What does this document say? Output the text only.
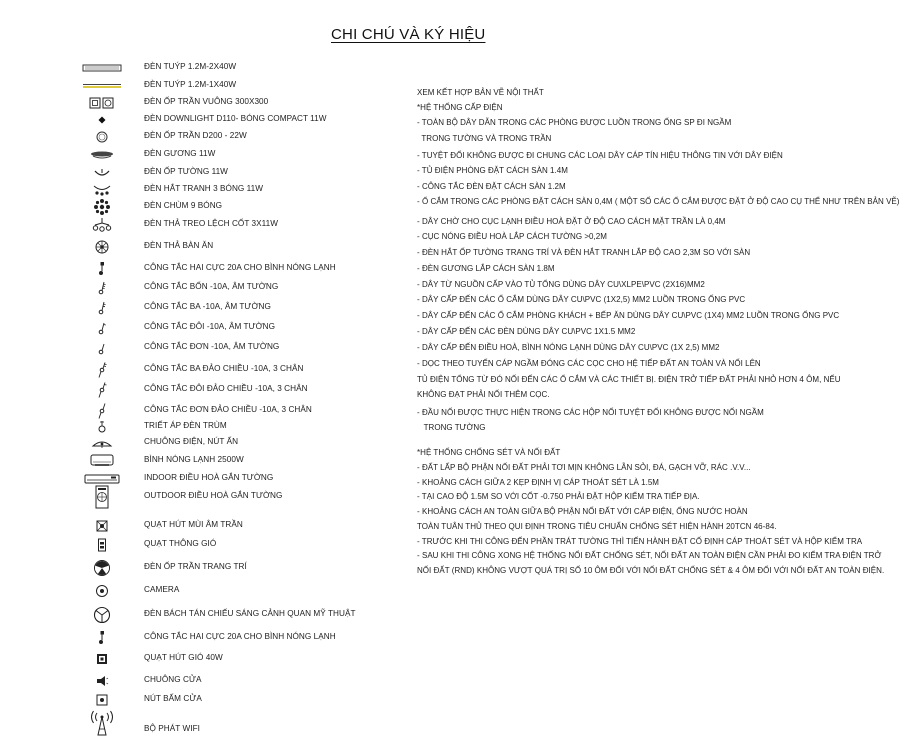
CHI CHÚ VÀ KÝ HIỆU
ĐÈN TUÝP 1.2M-2X40W
ĐÈN TUÝP 1.2M-1X40W
ĐÈN ỐP TRẦN VUÔNG 300X300
ĐÈN DOWNLIGHT D110- BÓNG COMPACT 11W
ĐÈN ỐP TRẦN D200 - 22W
ĐÈN GƯƠNG 11W
ĐÈN ỐP TƯỜNG 11W
ĐÈN HẮT TRANH 3 BÓNG 11W
ĐÈN CHÙM 9 BÓNG
ĐÈN THẢ TREO LỆCH CỐT 3X11W
ĐÈN THẢ BÀN ĂN
CÔNG TẮC HAI CỰC 20A CHO BÌNH NÓNG LẠNH
CÔNG TẮC BỐN -10A, ÂM TƯỜNG
CÔNG TẮC BA -10A, ÂM TƯỜNG
CÔNG TẮC ĐÔI -10A, ÂM TƯỜNG
CÔNG TẮC ĐƠN -10A, ÂM TƯỜNG
CÔNG TẮC BA ĐẢO CHIỀU -10A, 3 CHÂN
CÔNG TẮC ĐÔI ĐẢO CHIỀU -10A, 3 CHÂN
CÔNG TẮC ĐƠN ĐẢO CHIỀU -10A, 3 CHÂN
TRIẾT ÁP ĐÈN TRÙM
CHUÔNG ĐIỆN, NÚT ẤN
BÌNH NÓNG LẠNH 2500W
INDOOR ĐIỀU HOÀ GẮN TƯỜNG
OUTDOOR ĐIỀU HOÀ GẮN TƯỜNG
QUẠT HÚT MÙI ÂM TRẦN
QUẠT THÔNG GIÓ
ĐÈN ỐP TRẦN TRANG TRÍ
CAMERA
ĐÈN BÁCH TÁN CHIẾU SÁNG CẢNH QUAN MỸ THUẬT
CÔNG TẮC HAI CỰC 20A CHO BÌNH NÓNG LẠNH
QUẠT HÚT GIÓ 40W
CHUÔNG CỬA
NÚT BẤM CỬA
BỘ PHÁT WIFI
XEM KẾT HỢP BẢN VẼ NỘI THẤT
*HỆ THỐNG CẤP ĐIỆN
- TOÀN BỘ DÂY DẪN TRONG CÁC PHÒNG ĐƯỢC LUỒN TRONG ỐNG SP ĐI NGẦM
TRONG TƯỜNG VÀ TRONG TRẦN
- TUYỆT ĐỐI KHÔNG ĐƯỢC ĐI CHUNG CÁC LOẠI DÂY CÁP TÍN HIỆU THÔNG TIN VỚI DÂY ĐIỆN
- TỦ ĐIỆN PHÒNG ĐẶT CÁCH SÀN 1.4M
- CÔNG TẮC ĐÈN ĐẶT CÁCH SÀN 1.2M
- Ổ CẮM TRONG CÁC PHÒNG ĐẶT CÁCH SÀN 0,4M ( MỘT SỐ CÁC Ổ CẮM ĐƯỢC ĐẶT Ở ĐỘ CAO CỤ THỂ NHƯ TRÊN BẢN VẼ)
- DÂY CHỜ CHO CỤC LẠNH ĐIỀU HOÀ ĐẶT Ở ĐỘ CAO CÁCH MẶT TRẦN LÀ 0,4M
- CỤC NÓNG ĐIỀU HOÀ LẮP CÁCH TƯỜNG >0,2M
- ĐÈN HẮT ỐP TƯỜNG TRANG TRÍ VÀ ĐÈN HẮT TRANH LẮP ĐỘ CAO 2,3M SO VỚI SÀN
- ĐÈN GƯƠNG LẮP CÁCH SÀN 1.8M
- DÂY TỪ NGUỒN CẤP VÀO TỦ TỔNG DÙNG DÂY CU\XLPE\PVC (2X16)MM2
- DÂY CẤP ĐẾN CÁC Ổ CẮM DÙNG DÂY CU\PVC (1X2,5) MM2 LUỒN TRONG ỐNG PVC
- DÂY CẤP ĐẾN CÁC Ổ CẮM PHÒNG KHÁCH + BẾP ĂN DÙNG DÂY CU\PVC (1X4) MM2 LUỒN TRONG ỐNG PVC
- DÂY CẤP ĐẾN CÁC ĐÈN DÙNG DÂY CU\PVC 1X1.5 MM2
- DÂY CẤP ĐẾN ĐIỀU HOÀ, BÌNH NÓNG LẠNH DÙNG DÂY CU\PVC (1X 2,5) MM2
- DỌC THEO TUYẾN CÁP NGẦM ĐÓNG CÁC CỌC CHO HỆ TIẾP ĐẤT AN TOÀN VÀ NỐI LÊN
TỦ ĐIỆN TỔNG TỪ ĐÓ NỐI ĐẾN CÁC Ổ CẮM VÀ CÁC THIẾT BỊ. ĐIỆN TRỞ TIẾP ĐẤT PHẢI NHỎ HƠN 4 ÔM, NẾU
KHÔNG ĐẠT PHẢI NỐI THÊM CỌC.
- ĐẦU NỐI ĐƯỢC THỰC HIỆN TRONG CÁC HỘP NỐI TUYỆT ĐỐI KHÔNG ĐƯỢC NỐI NGẦM
TRONG TƯỜNG
*HỆ THỐNG CHỐNG SÉT VÀ NỐI ĐẤT
- ĐẤT LẤP BỘ PHẬN NỐI ĐẤT PHẢI TƠI MỊN KHÔNG LẪN SỎI, ĐÁ, GẠCH VỠ, RÁC .V.V...
- KHOẢNG CÁCH GIỮA 2 KẸP ĐỊNH VỊ CÁP THOÁT SÉT LÀ 1.5M
- TẠI CAO ĐỘ 1.5M SO VỚI CỐT -0.750 PHẢI ĐẶT HỘP KIỂM TRA TIẾP ĐỊA.
- KHOẢNG CÁCH AN TOÀN GIỮA BỘ PHẬN NỐI ĐẤT VỚI CÁP ĐIỆN, ỐNG NƯỚC HOÀN
TOÀN TUÂN THỦ THEO QUI ĐỊNH TRONG TIÊU CHUẨN CHỐNG SÉT HIỆN HÀNH 20TCN 46-84.
- TRƯỚC KHI THI CÔNG ĐẾN PHẦN TRÁT TƯỜNG THÌ TIẾN HÀNH ĐẶT CỐ ĐỊNH CÁP THOÁT SÉT VÀ HỘP KIỂM TRA
- SAU KHI THI CÔNG XONG HỆ THỐNG NỐI ĐẤT CHỐNG SÉT, NỐI ĐẤT AN TOÀN ĐIỆN CẦN PHẢI ĐO KIỂM TRA ĐIỆN TRỞ
NỐI ĐẤT (RND) KHÔNG VƯỢT QUÁ TRỊ SỐ 10 ÔM ĐỐI VỚI NỐI ĐẤT CHỐNG SÉT & 4 ÔM ĐỐI VỚI NỐI ĐẤT AN TOÀN ĐIỆN.
